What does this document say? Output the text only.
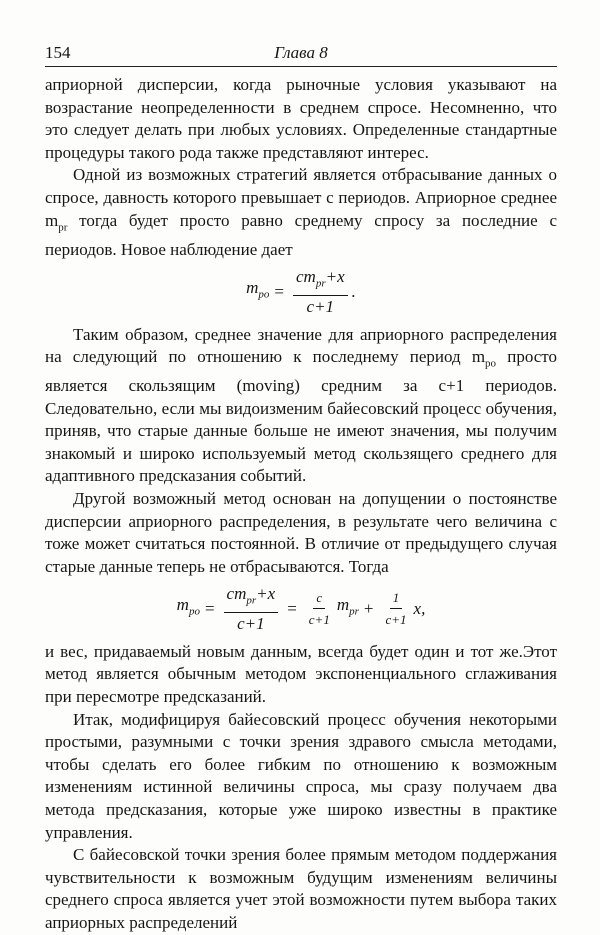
154	Глава 8

априорной дисперсии, когда рыночные условия указывают на возрастание неопределенности в среднем спросе. Несомненно, что это следует делать при любых условиях. Определенные стандартные процедуры такого рода также представляют интерес.

Одной из возможных стратегий является отбрасывание данных о спросе, давность которого превышает c периодов. Априорное среднее $m_{pr}$ тогда будет просто равно среднему спросу за последние c периодов. Новое наблюдение дает

$m_{po} = \frac{cm_{pr}+x}{c+1}$ .

Таким образом, среднее значение для априорного распределения на следующий по отношению к последнему период $m_{po}$ просто является скользящим (moving) средним за c+1 периодов. Следовательно, если мы видоизменим байесовский процесс обучения, приняв, что старые данные больше не имеют значения, мы получим знакомый и широко используемый метод скользящего среднего для адаптивного предсказания событий.

Другой возможный метод основан на допущении о постоянстве дисперсии априорного распределения, в результате чего величина c тоже может считаться постоянной. В отличие от предыдущего случая старые данные теперь не отбрасываются. Тогда

$m_{po} = \frac{cm_{pr}+x}{c+1} = \frac{c}{c+1} m_{pr} + \frac{1}{c+1} x$,

и вес, придаваемый новым данным, всегда будет один и тот же.Этот метод является обычным методом экспоненциального сглаживания при пересмотре предсказаний.

Итак, модифицируя байесовский процесс обучения некоторыми простыми, разумными с точки зрения здравого смысла методами, чтобы сделать его более гибким по отношению к возможным изменениям истинной величины спроса, мы сразу получаем два метода предсказания, которые уже широко известны в практике управления.

С байесовской точки зрения более прямым методом поддержания чувствительности к возможным будущим изменениям величины среднего спроса является учет этой возможности путем выбора таких априорных распределений
